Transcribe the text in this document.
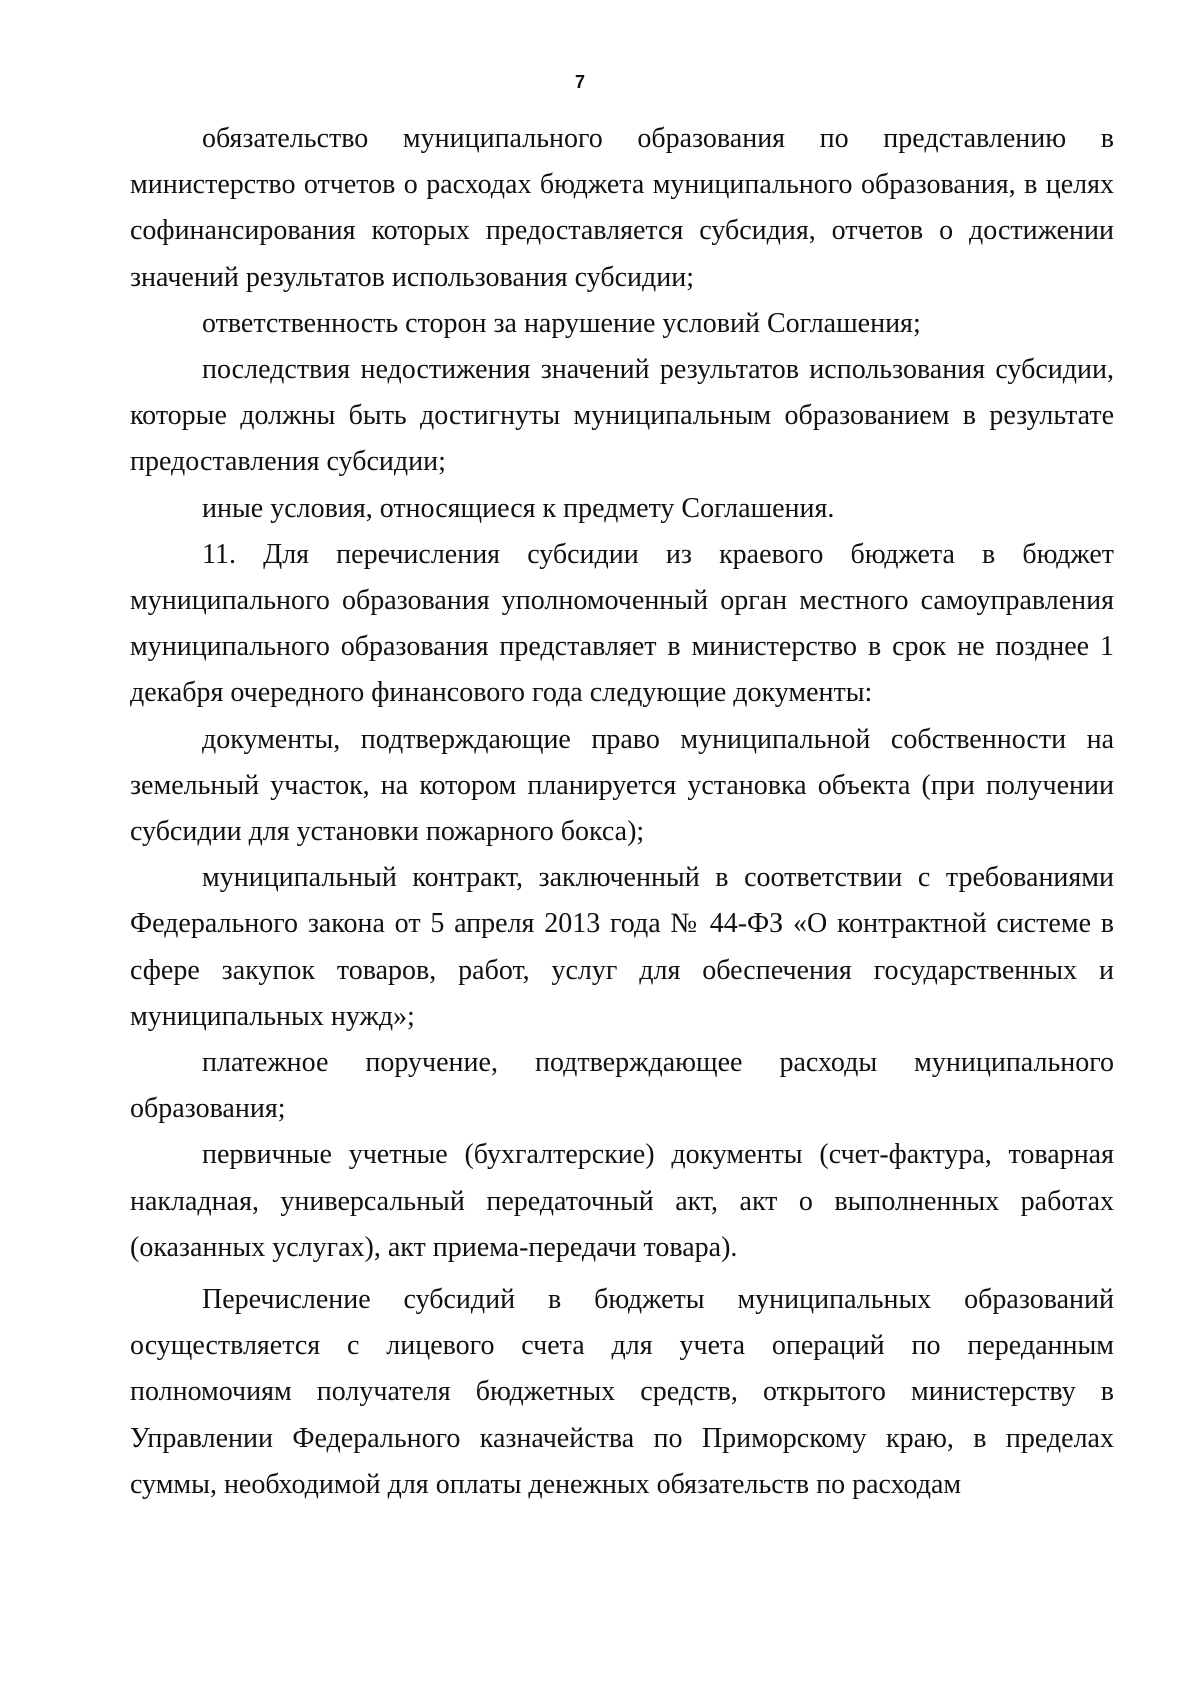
7

обязательство муниципального образования по представлению в министерство отчетов о расходах бюджета муниципального образования, в целях софинансирования которых предоставляется субсидия, отчетов о достижении значений результатов использования субсидии;

ответственность сторон за нарушение условий Соглашения;

последствия недостижения значений результатов использования субсидии, которые должны быть достигнуты муниципальным образованием в результате предоставления субсидии;

иные условия, относящиеся к предмету Соглашения.

11. Для перечисления субсидии из краевого бюджета в бюджет муниципального образования уполномоченный орган местного самоуправления муниципального образования представляет в министерство в срок не позднее 1 декабря очередного финансового года следующие документы:

документы, подтверждающие право муниципальной собственности на земельный участок, на котором планируется установка объекта (при получении субсидии для установки пожарного бокса);

муниципальный контракт, заключенный в соответствии с требованиями Федерального закона от 5 апреля 2013 года № 44-ФЗ «О контрактной системе в сфере закупок товаров, работ, услуг для обеспечения государственных и муниципальных нужд»;

платежное поручение, подтверждающее расходы муниципального образования;

первичные учетные (бухгалтерские) документы (счет-фактура, товарная накладная, универсальный передаточный акт, акт о выполненных работах (оказанных услугах), акт приема-передачи товара).

Перечисление субсидий в бюджеты муниципальных образований осуществляется с лицевого счета для учета операций по переданным полномочиям получателя бюджетных средств, открытого министерству в Управлении Федерального казначейства по Приморскому краю, в пределах суммы, необходимой для оплаты денежных обязательств по расходам
